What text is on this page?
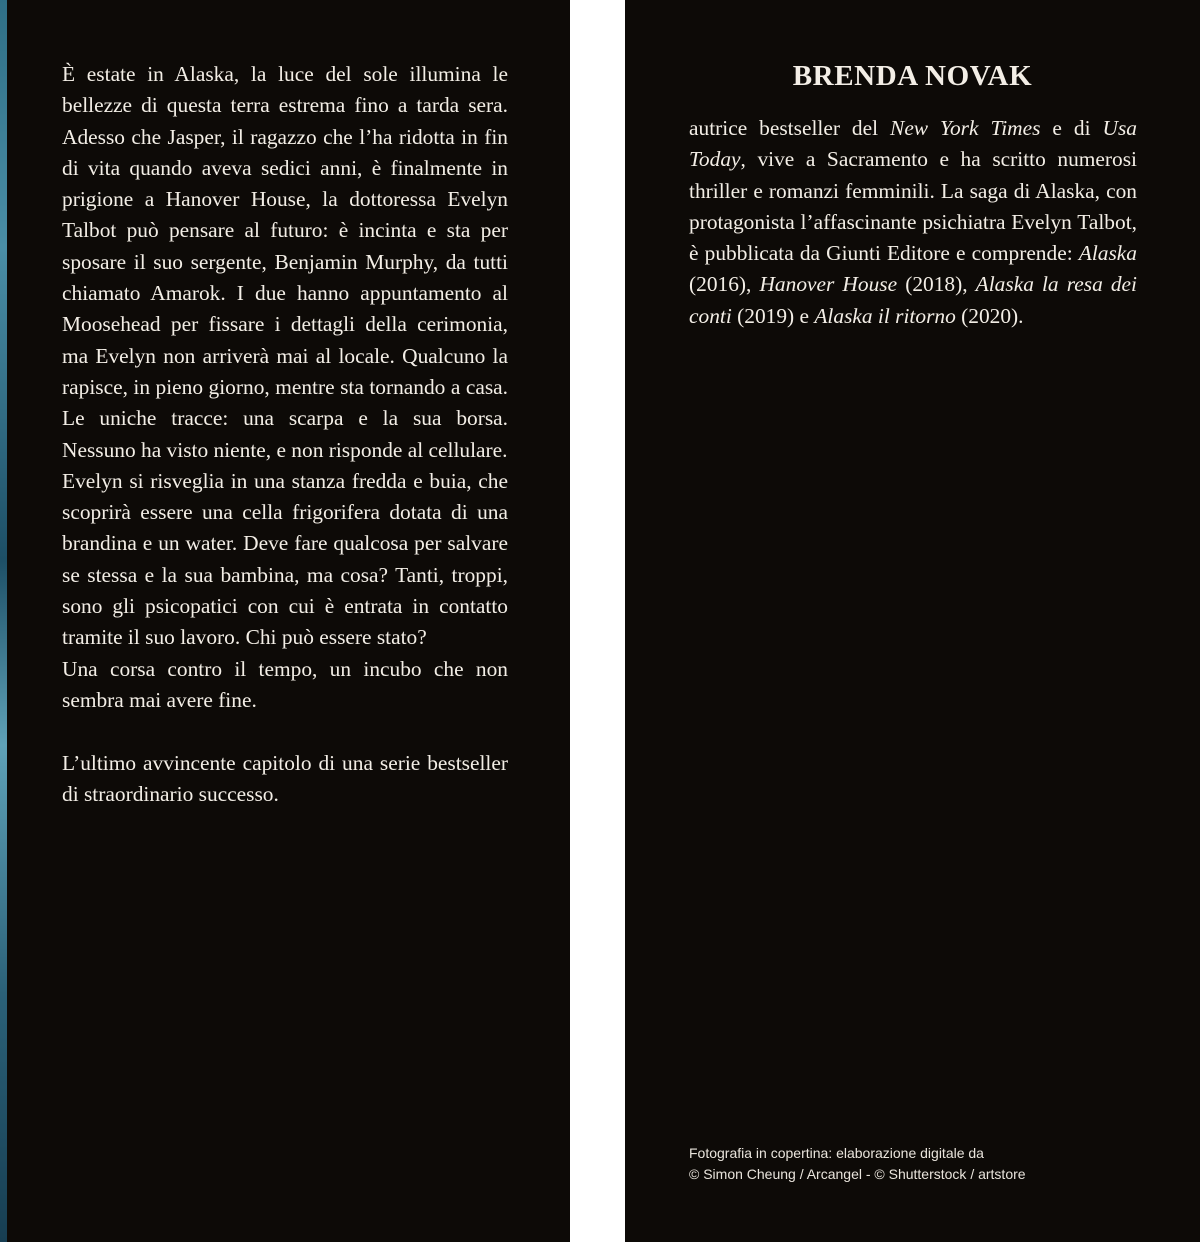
È estate in Alaska, la luce del sole illumina le bellezze di questa terra estrema fino a tarda sera. Adesso che Jasper, il ragazzo che l’ha ridotta in fin di vita quando aveva sedici anni, è finalmente in prigione a Hanover House, la dottoressa Evelyn Talbot può pensare al futuro: è incinta e sta per sposare il suo sergente, Benjamin Murphy, da tutti chiamato Amarok. I due hanno appuntamento al Moosehead per fissare i dettagli della cerimonia, ma Evelyn non arriverà mai al locale. Qualcuno la rapisce, in pieno giorno, mentre sta tornando a casa. Le uniche tracce: una scarpa e la sua borsa. Nessuno ha visto niente, e non risponde al cellulare.

Evelyn si risveglia in una stanza fredda e buia, che scoprirà essere una cella frigorifera dotata di una brandina e un water. Deve fare qualcosa per salvare se stessa e la sua bambina, ma cosa? Tanti, troppi, sono gli psicopatici con cui è entrata in contatto tramite il suo lavoro. Chi può essere stato?

Una corsa contro il tempo, un incubo che non sembra mai avere fine.

L’ultimo avvincente capitolo di una serie bestseller di straordinario successo.

BRENDA NOVAK

autrice bestseller del New York Times e di Usa Today, vive a Sacramento e ha scritto numerosi thriller e romanzi femminili. La saga di Alaska, con protagonista l’affascinante psichiatra Evelyn Talbot, è pubblicata da Giunti Editore e comprende: Alaska (2016), Hanover House (2018), Alaska la resa dei conti (2019) e Alaska il ritorno (2020).

Fotografia in copertina: elaborazione digitale da
© Simon Cheung / Arcangel - © Shutterstock / artstore
